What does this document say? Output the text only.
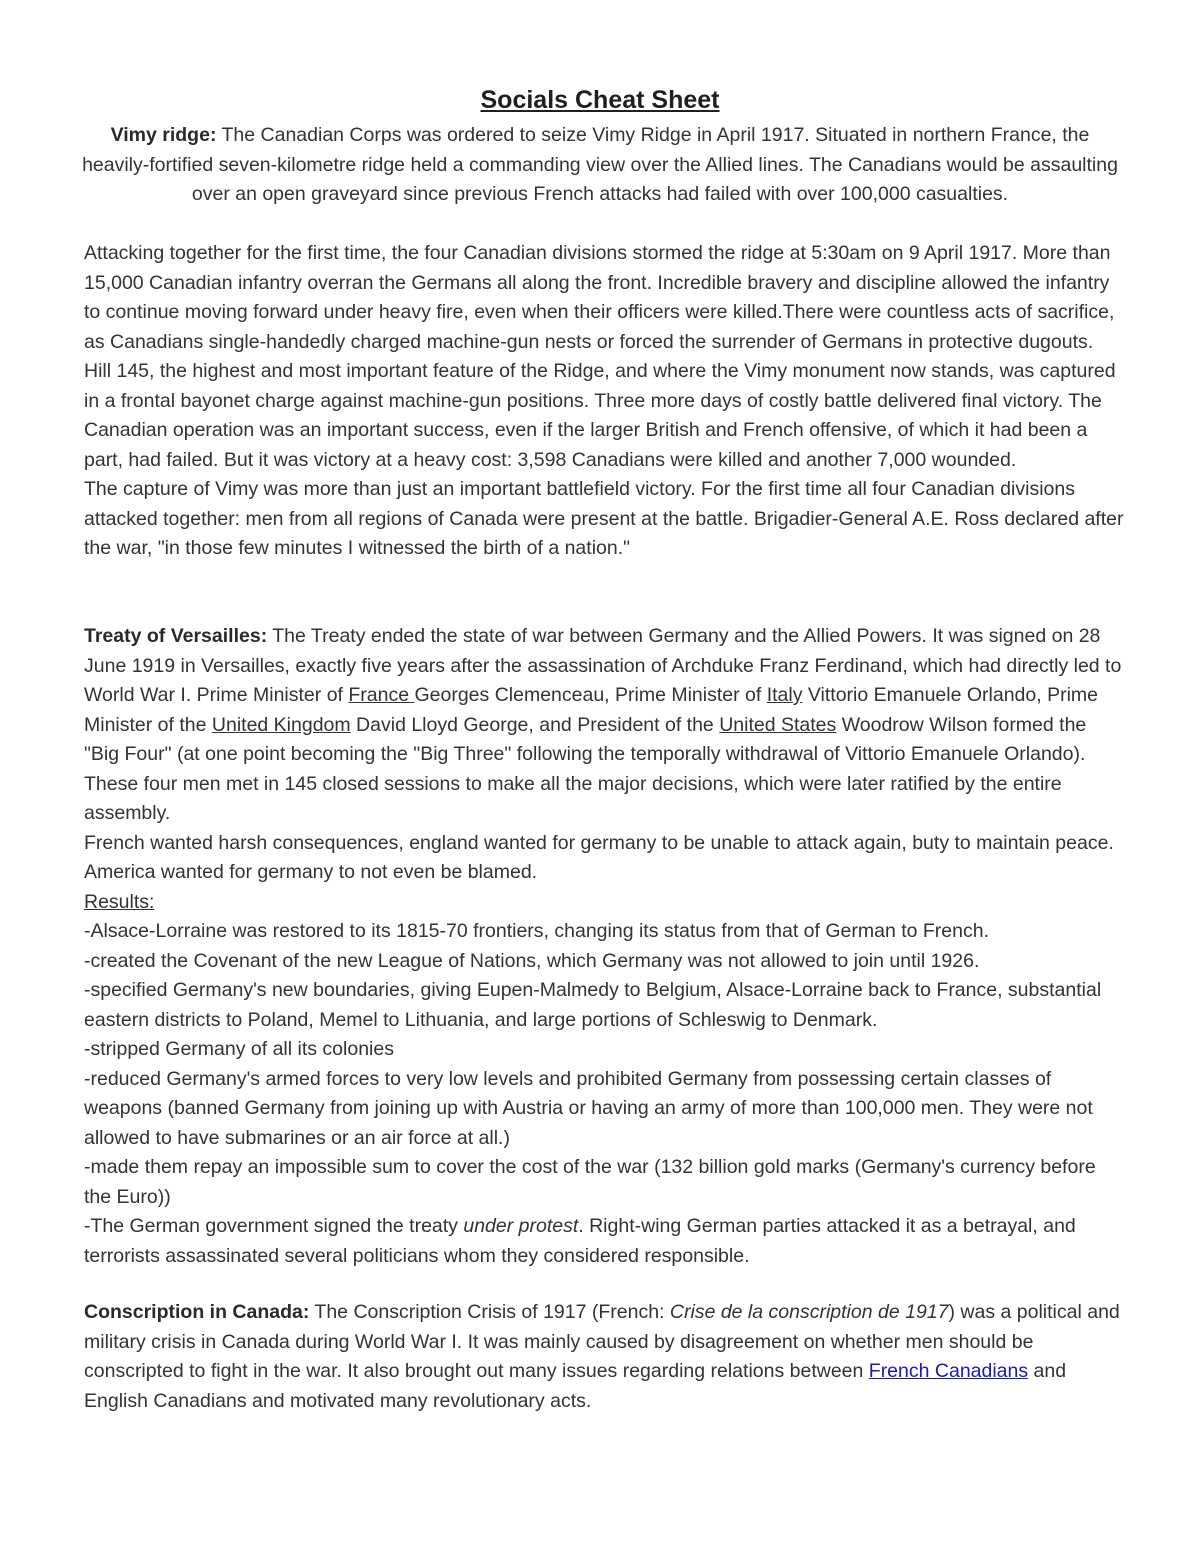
Socials Cheat Sheet

Vimy ridge: The Canadian Corps was ordered to seize Vimy Ridge in April 1917. Situated in northern France, the heavily-fortified seven-kilometre ridge held a commanding view over the Allied lines. The Canadians would be assaulting over an open graveyard since previous French attacks had failed with over 100,000 casualties.

Attacking together for the first time, the four Canadian divisions stormed the ridge at 5:30am on 9 April 1917. More than 15,000 Canadian infantry overran the Germans all along the front. Incredible bravery and discipline allowed the infantry to continue moving forward under heavy fire, even when their officers were killed.There were countless acts of sacrifice, as Canadians single-handedly charged machine-gun nests or forced the surrender of Germans in protective dugouts. Hill 145, the highest and most important feature of the Ridge, and where the Vimy monument now stands, was captured in a frontal bayonet charge against machine-gun positions. Three more days of costly battle delivered final victory. The Canadian operation was an important success, even if the larger British and French offensive, of which it had been a part, had failed. But it was victory at a heavy cost: 3,598 Canadians were killed and another 7,000 wounded.

The capture of Vimy was more than just an important battlefield victory. For the first time all four Canadian divisions attacked together: men from all regions of Canada were present at the battle. Brigadier-General A.E. Ross declared after the war, "in those few minutes I witnessed the birth of a nation."

Treaty of Versailles: The Treaty ended the state of war between Germany and the Allied Powers. It was signed on 28 June 1919 in Versailles, exactly five years after the assassination of Archduke Franz Ferdinand, which had directly led to World War I. Prime Minister of France Georges Clemenceau, Prime Minister of Italy Vittorio Emanuele Orlando, Prime Minister of the United Kingdom David Lloyd George, and President of the United States Woodrow Wilson formed the "Big Four" (at one point becoming the "Big Three" following the temporally withdrawal of Vittorio Emanuele Orlando). These four men met in 145 closed sessions to make all the major decisions, which were later ratified by the entire assembly.

French wanted harsh consequences, england wanted for germany to be unable to attack again, buty to maintain peace. America wanted for germany to not even be blamed.

Results:

-Alsace-Lorraine was restored to its 1815-70 frontiers, changing its status from that of German to French.

-created the Covenant of the new League of Nations, which Germany was not allowed to join until 1926.

-specified Germany's new boundaries, giving Eupen-Malmedy to Belgium, Alsace-Lorraine back to France, substantial eastern districts to Poland, Memel to Lithuania, and large portions of Schleswig to Denmark.

-stripped Germany of all its colonies

-reduced Germany's armed forces to very low levels and prohibited Germany from possessing certain classes of weapons (banned Germany from joining up with Austria or having an army of more than 100,000 men. They were not allowed to have submarines or an air force at all.)

-made them repay an impossible sum to cover the cost of the war (132 billion gold marks (Germany's currency before the Euro))

-The German government signed the treaty under protest. Right-wing German parties attacked it as a betrayal, and terrorists assassinated several politicians whom they considered responsible.

Conscription in Canada: The Conscription Crisis of 1917 (French: Crise de la conscription de 1917) was a political and military crisis in Canada during World War I. It was mainly caused by disagreement on whether men should be conscripted to fight in the war. It also brought out many issues regarding relations between French Canadians and English Canadians and motivated many revolutionary acts.
